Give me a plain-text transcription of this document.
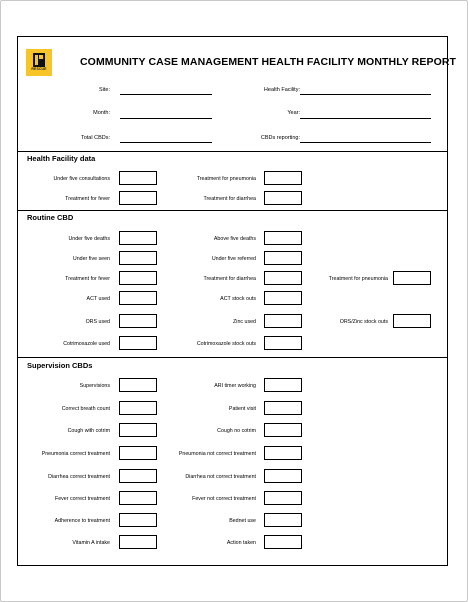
RESCUE
COMMUNITY CASE MANAGEMENT HEALTH FACILITY MONTHLY REPORT
Site:	Health Facility:
Month:	Year:
Total CBDs:	CBDs reporting:
Health Facility data
Under five consultations	Treatment for pneumonia
Treatment for fever	Treatment for diarrhea
Routine CBD
Under five deaths	Above five deaths
Under five seen	Under five referred
Treatment for fever	Treatment for diarrhea	Treatment for pneumonia
ACT used	ACT stock outs
ORS used	Zinc used	ORS/Zinc stock outs
Cotrimoxazole used	Cotrimoxazole stock outs
Supervision CBDs
Supervisions	ARI timer working
Correct breath count	Patient visit
Cough with cotrim	Cough no cotrim
Pneumonia correct treatment	Pneumonia not correct treatment
Diarrhea correct treatment	Diarrhea not correct treatment
Fever correct treatment	Fever not correct treatment
Adherence to treatment	Bednet use
Vitamin A intake	Action taken
